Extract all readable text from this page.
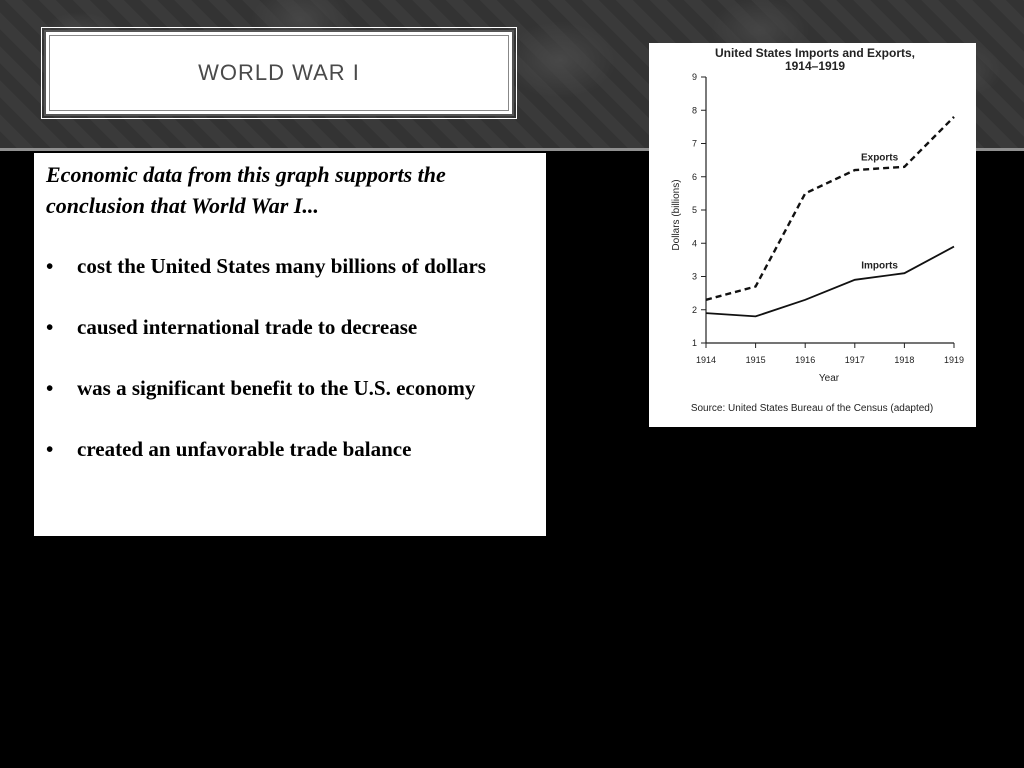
WORLD WAR I

Economic data from this graph supports the conclusion that World War I...

• cost the United States many billions of dollars
• caused international trade to decrease
• was a significant benefit to the U.S. economy
• created an unfavorable trade balance
United States Imports and Exports,
1914–1919
Dollars (billions)
Year
Source: United States Bureau of the Census (adapted)
1
2
3
4
5
6
7
8
9
1914	1915	1916	1917	1918	1919
Exports
Imports
